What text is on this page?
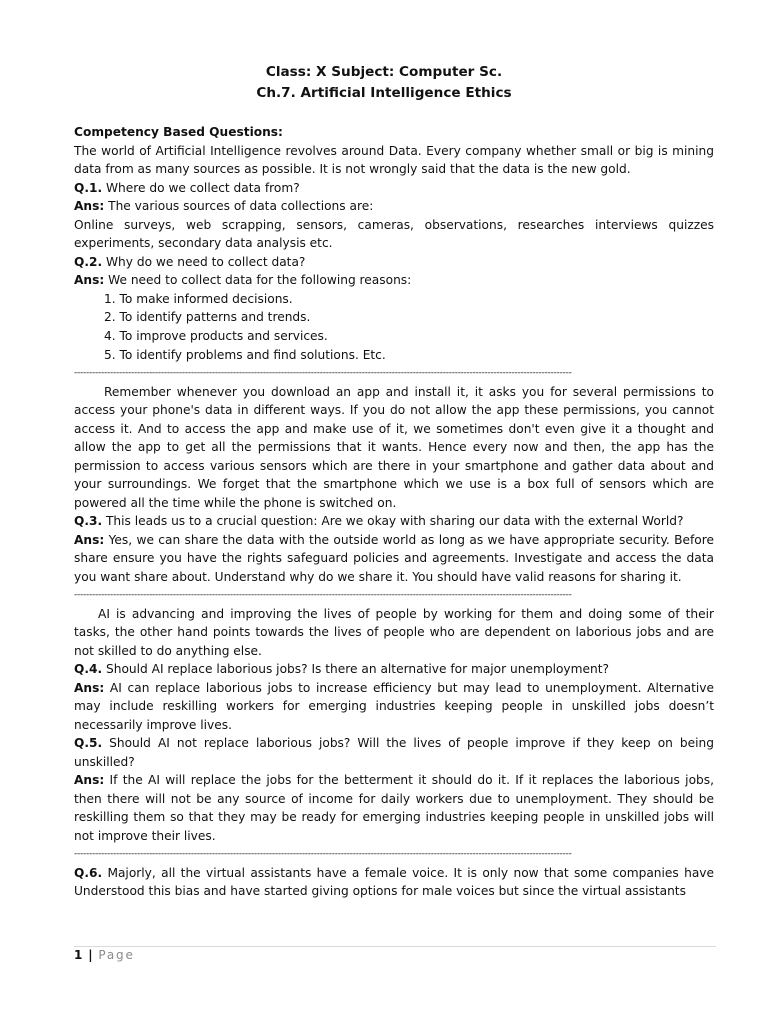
Class: X Subject: Computer Sc.
Ch.7. Artificial Intelligence Ethics

Competency Based Questions:

The world of Artificial Intelligence revolves around Data. Every company whether small or big is mining data from as many sources as possible. It is not wrongly said that the data is the new gold.

Q.1. Where do we collect data from?

Ans: The various sources of data collections are:

Online surveys, web scrapping, sensors, cameras, observations, researches interviews quizzes experiments, secondary data analysis etc.

Q.2. Why do we need to collect data?

Ans: We need to collect data for the following reasons:

1. To make informed decisions.
2. To identify patterns and trends.
4. To improve products and services.
5. To identify problems and find solutions. Etc.
----------------------------------------------------------------------------------------------------------------------------------------------------------------------

Remember whenever you download an app and install it, it asks you for several permissions to access your phone's data in different ways. If you do not allow the app these permissions, you cannot access it. And to access the app and make use of it, we sometimes don't even give it a thought and allow the app to get all the permissions that it wants. Hence every now and then, the app has the permission to access various sensors which are there in your smartphone and gather data about and your surroundings. We forget that the smartphone which we use is a box full of sensors which are powered all the time while the phone is switched on.

Q.3. This leads us to a crucial question: Are we okay with sharing our data with the external World?

Ans: Yes, we can share the data with the outside world as long as we have appropriate security. Before share ensure you have the rights safeguard policies and agreements. Investigate and access the data you want share about. Understand why do we share it. You should have valid reasons for sharing it.

----------------------------------------------------------------------------------------------------------------------------------------------------------------------

AI is advancing and improving the lives of people by working for them and doing some of their tasks, the other hand points towards the lives of people who are dependent on laborious jobs and are not skilled to do anything else.

Q.4. Should AI replace laborious jobs? Is there an alternative for major unemployment?

Ans: AI can replace laborious jobs to increase efficiency but may lead to unemployment. Alternative may include reskilling workers for emerging industries keeping people in unskilled jobs doesn’t necessarily improve lives.

Q.5. Should AI not replace laborious jobs? Will the lives of people improve if they keep on being unskilled?

Ans: If the AI will replace the jobs for the betterment it should do it. If it replaces the laborious jobs, then there will not be any source of income for daily workers due to unemployment. They should be reskilling them so that they may be ready for emerging industries keeping people in unskilled jobs will not improve their lives.

----------------------------------------------------------------------------------------------------------------------------------------------------------------------

Q.6. Majorly, all the virtual assistants have a female voice. It is only now that some companies have Understood this bias and have started giving options for male voices but since the virtual assistants

1 | Page
